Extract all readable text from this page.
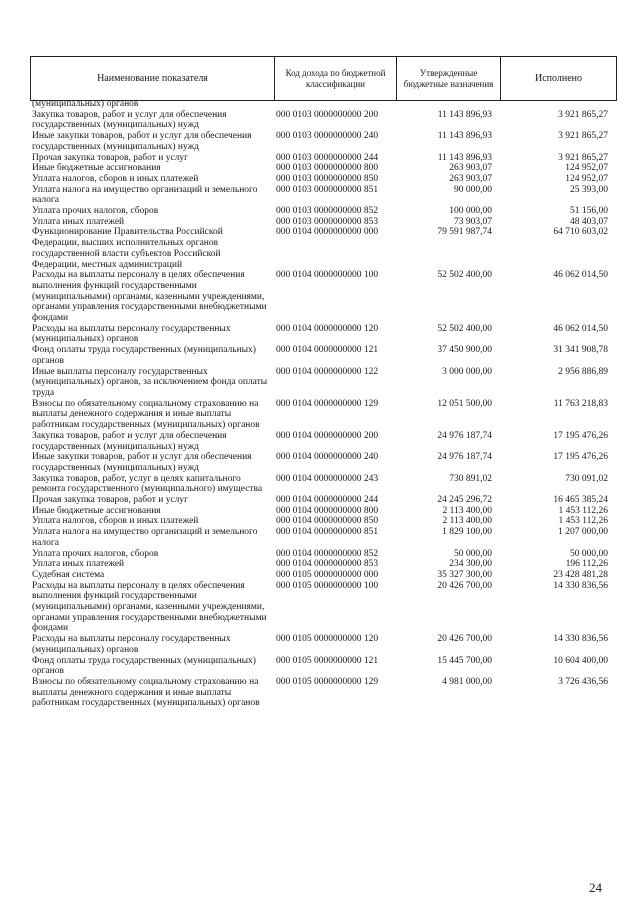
Наименование показателя	Код дохода по бюджетной классификации	Утвержденные бюджетные назначения	Исполнено
(муниципальных) органов			
Закупка товаров, работ и услуг для обеспечения государственных (муниципальных) нужд	000 0103 0000000000 200	11 143 896,93	3 921 865,27
Иные закупки товаров, работ и услуг для обеспечения государственных (муниципальных) нужд	000 0103 0000000000 240	11 143 896,93	3 921 865,27
Прочая закупка товаров, работ и услуг	000 0103 0000000000 244	11 143 896,93	3 921 865,27
Иные бюджетные ассигнования	000 0103 0000000000 800	263 903,07	124 952,07
Уплата налогов, сборов и иных платежей	000 0103 0000000000 850	263 903,07	124 952,07
Уплата налога на имущество организаций и земельного налога	000 0103 0000000000 851	90 000,00	25 393,00
Уплата прочих налогов, сборов	000 0103 0000000000 852	100 000,00	51 156,00
Уплата иных платежей	000 0103 0000000000 853	73 903,07	48 403,07
Функционирование Правительства Российской Федерации, высших исполнительных органов государственной власти субъектов Российской Федерации, местных администраций	000 0104 0000000000 000	79 591 987,74	64 710 603,02
Расходы на выплаты персоналу в целях обеспечения выполнения функций государственными (муниципальными) органами, казенными учреждениями, органами управления государственными внебюджетными фондами	000 0104 0000000000 100	52 502 400,00	46 062 014,50
Расходы на выплаты персоналу государственных (муниципальных) органов	000 0104 0000000000 120	52 502 400,00	46 062 014,50
Фонд оплаты труда государственных (муниципальных) органов	000 0104 0000000000 121	37 450 900,00	31 341 908,78
Иные выплаты персоналу государственных (муниципальных) органов, за исключением фонда оплаты труда	000 0104 0000000000 122	3 000 000,00	2 956 886,89
Взносы по обязательному социальному страхованию на выплаты денежного содержания и иные выплаты работникам государственных (муниципальных) органов	000 0104 0000000000 129	12 051 500,00	11 763 218,83
Закупка товаров, работ и услуг для обеспечения государственных (муниципальных) нужд	000 0104 0000000000 200	24 976 187,74	17 195 476,26
Иные закупки товаров, работ и услуг для обеспечения государственных (муниципальных) нужд	000 0104 0000000000 240	24 976 187,74	17 195 476,26
Закупка товаров, работ, услуг в целях капитального ремонта государственного (муниципального) имущества	000 0104 0000000000 243	730 891,02	730 091,02
Прочая закупка товаров, работ и услуг	000 0104 0000000000 244	24 245 296,72	16 465 385,24
Иные бюджетные ассигнования	000 0104 0000000000 800	2 113 400,00	1 453 112,26
Уплата налогов, сборов и иных платежей	000 0104 0000000000 850	2 113 400,00	1 453 112,26
Уплата налога на имущество организаций и земельного налога	000 0104 0000000000 851	1 829 100,00	1 207 000,00
Уплата прочих налогов, сборов	000 0104 0000000000 852	50 000,00	50 000,00
Уплата иных платежей	000 0104 0000000000 853	234 300,00	196 112,26
Судебная система	000 0105 0000000000 000	35 327 300,00	23 428 481,28
Расходы на выплаты персоналу в целях обеспечения выполнения функций государственными (муниципальными) органами, казенными учреждениями, органами управления государственными внебюджетными фондами	000 0105 0000000000 100	20 426 700,00	14 330 836,56
Расходы на выплаты персоналу государственных (муниципальных) органов	000 0105 0000000000 120	20 426 700,00	14 330 836,56
Фонд оплаты труда государственных (муниципальных) органов	000 0105 0000000000 121	15 445 700,00	10 604 400,00
Взносы по обязательному социальному страхованию на выплаты денежного содержания и иные выплаты работникам государственных (муниципальных) органов	000 0105 0000000000 129	4 981 000,00	3 726 436,56
24
